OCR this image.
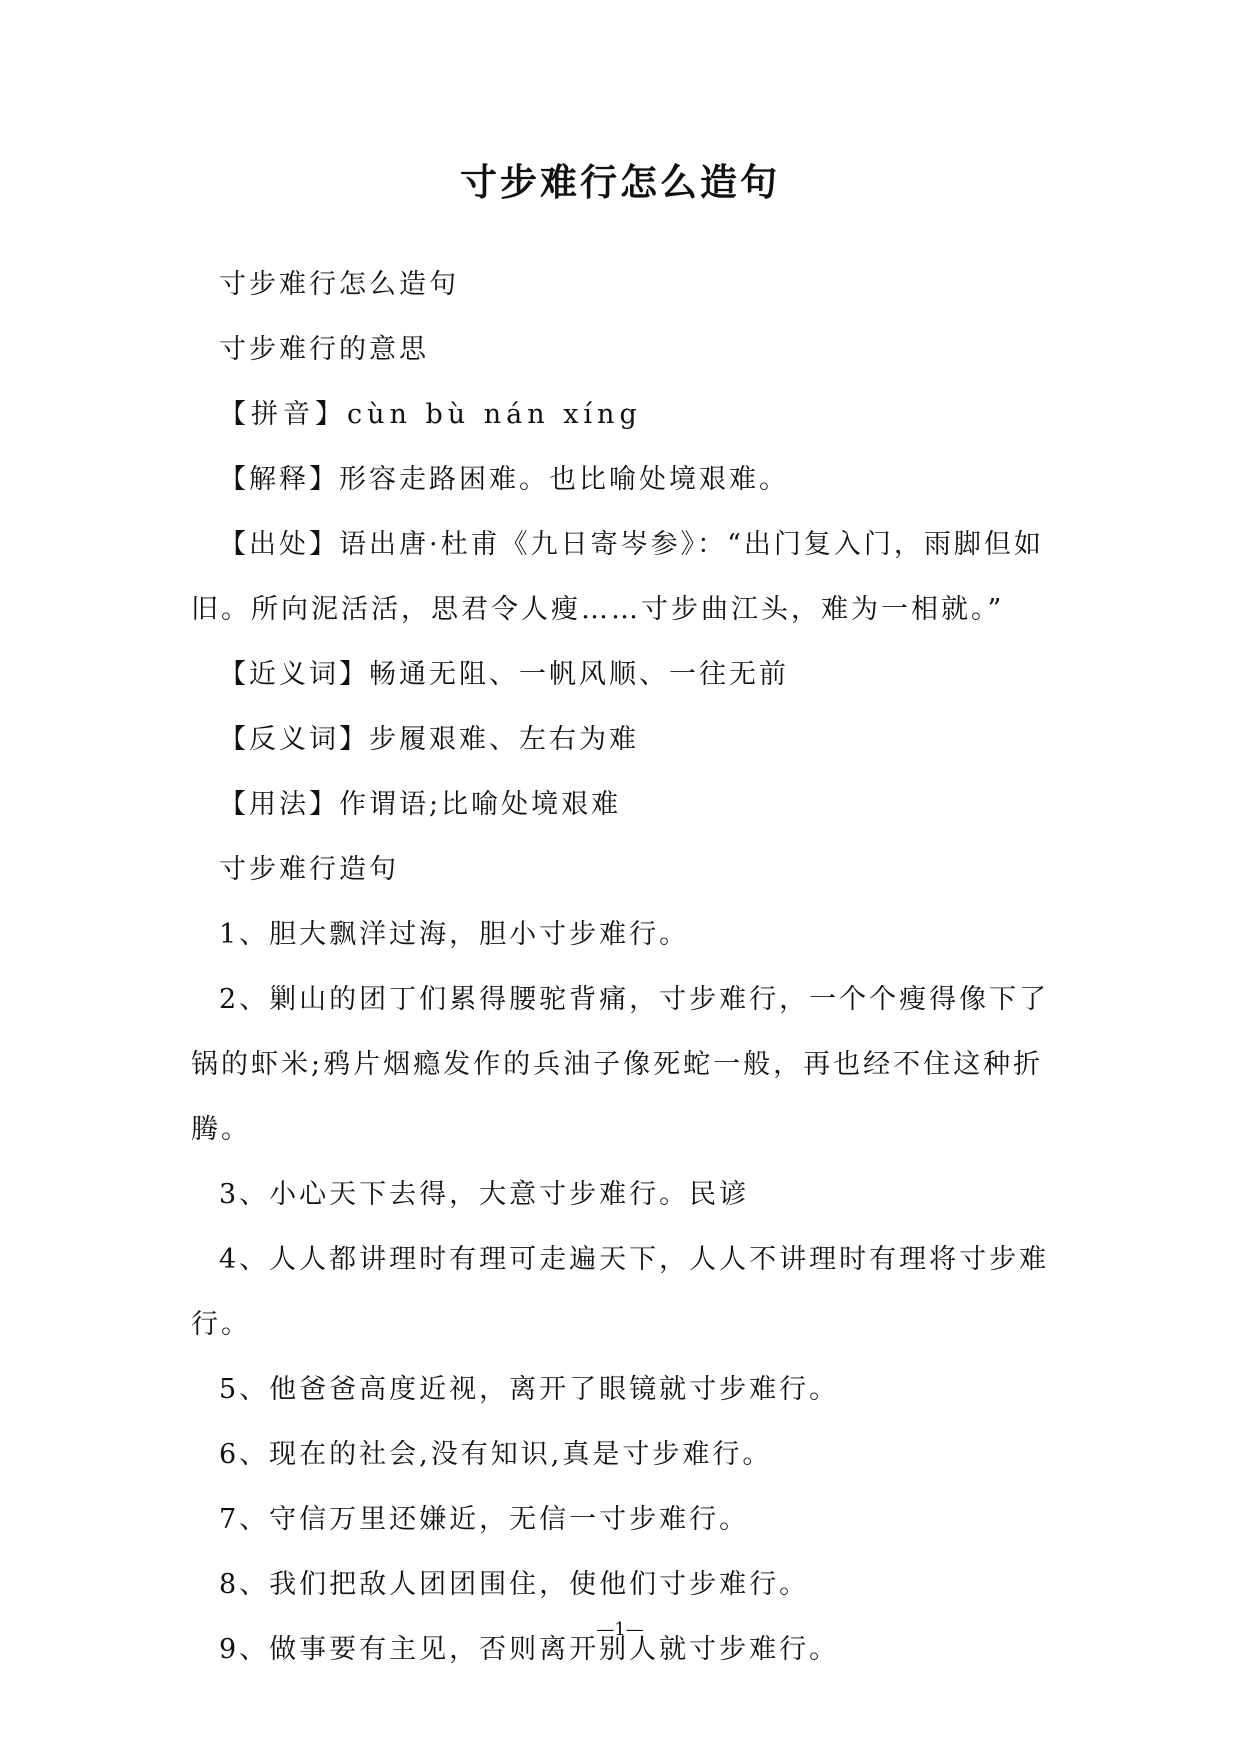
寸步难行怎么造句

寸步难行怎么造句

寸步难行的意思

【拼音】cùn bù nán xíng

【解释】形容走路困难。也比喻处境艰难。

【出处】语出唐·杜甫《九日寄岑参》：“出门复入门，雨脚但如旧。所向泥活活，思君令人瘦……寸步曲江头，难为一相就。”

【近义词】畅通无阻、一帆风顺、一往无前

【反义词】步履艰难、左右为难

【用法】作谓语;比喻处境艰难

寸步难行造句

1、胆大飘洋过海，胆小寸步难行。

2、剿山的团丁们累得腰驼背痛，寸步难行，一个个瘦得像下了锅的虾米;鸦片烟瘾发作的兵油子像死蛇一般，再也经不住这种折腾。

3、小心天下去得，大意寸步难行。民谚

4、人人都讲理时有理可走遍天下，人人不讲理时有理将寸步难行。

5、他爸爸高度近视，离开了眼镜就寸步难行。

6、现在的社会,没有知识,真是寸步难行。

7、守信万里还嫌近，无信一寸步难行。

8、我们把敌人团团围住，使他们寸步难行。

9、做事要有主见，否则离开别人就寸步难行。

—1—
